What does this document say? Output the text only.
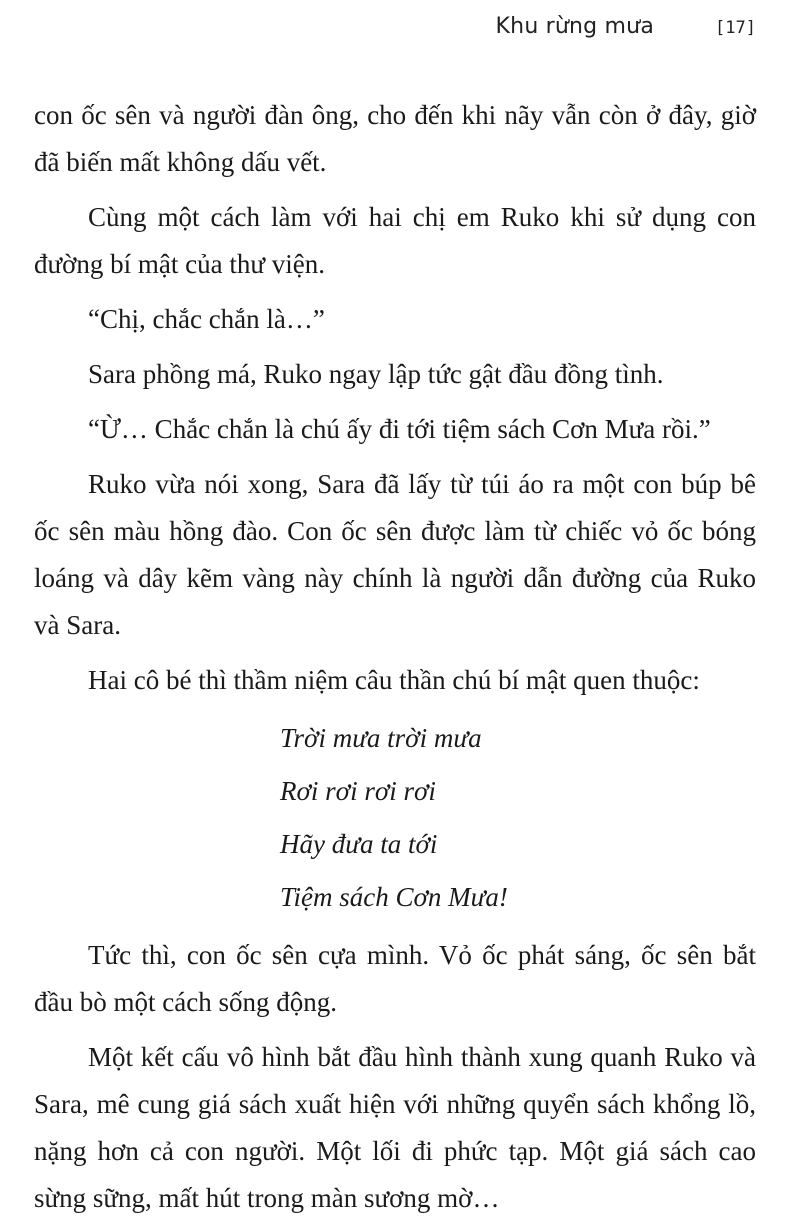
Khu rừng mưa	[17]

con ốc sên và người đàn ông, cho đến khi nãy vẫn còn ở đây, giờ đã biến mất không dấu vết.

Cùng một cách làm với hai chị em Ruko khi sử dụng con đường bí mật của thư viện.

“Chị, chắc chắn là…”

Sara phồng má, Ruko ngay lập tức gật đầu đồng tình.

“Ừ… Chắc chắn là chú ấy đi tới tiệm sách Cơn Mưa rồi.”

Ruko vừa nói xong, Sara đã lấy từ túi áo ra một con búp bê ốc sên màu hồng đào. Con ốc sên được làm từ chiếc vỏ ốc bóng loáng và dây kẽm vàng này chính là người dẫn đường của Ruko và Sara.

Hai cô bé thì thầm niệm câu thần chú bí mật quen thuộc:

Trời mưa trời mưa
Rơi rơi rơi rơi
Hãy đưa ta tới
Tiệm sách Cơn Mưa!

Tức thì, con ốc sên cựa mình. Vỏ ốc phát sáng, ốc sên bắt đầu bò một cách sống động.

Một kết cấu vô hình bắt đầu hình thành xung quanh Ruko và Sara, mê cung giá sách xuất hiện với những quyển sách khổng lồ, nặng hơn cả con người. Một lối đi phức tạp. Một giá sách cao sừng sững, mất hút trong màn sương mờ…
